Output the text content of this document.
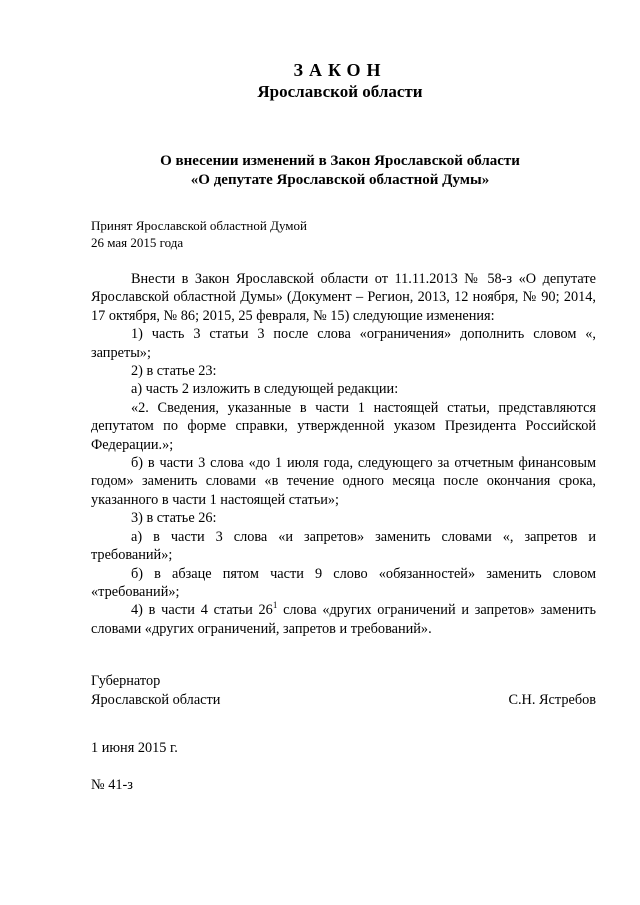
ЗАКОН
Ярославской области
О внесении изменений в Закон Ярославской области
«О депутате Ярославской областной Думы»
Принят Ярославской областной Думой
26 мая 2015 года

Внести в Закон Ярославской области от 11.11.2013 № 58-з «О депутате Ярославской областной Думы» (Документ – Регион, 2013, 12 ноября, № 90; 2014, 17 октября, № 86; 2015, 25 февраля, № 15) следующие изменения:

1) часть 3 статьи 3 после слова «ограничения» дополнить словом «, запреты»;

2) в статье 23:

а) часть 2 изложить в следующей редакции:

«2. Сведения, указанные в части 1 настоящей статьи, представляются депутатом по форме справки, утвержденной указом Президента Российской Федерации.»;

б) в части 3 слова «до 1 июля года, следующего за отчетным финансовым годом» заменить словами «в течение одного месяца после окончания срока, указанного в части 1 настоящей статьи»;

3) в статье 26:

а) в части 3 слова «и запретов» заменить словами «, запретов и требований»;

б) в абзаце пятом части 9 слово «обязанностей» заменить словом «требований»;

4) в части 4 статьи $26^1$ слова «других ограничений и запретов» заменить словами «других ограничений, запретов и требований».

Губернатор
Ярославской области	С.Н. Ястребов
1 июня 2015 г.
№ 41-з
